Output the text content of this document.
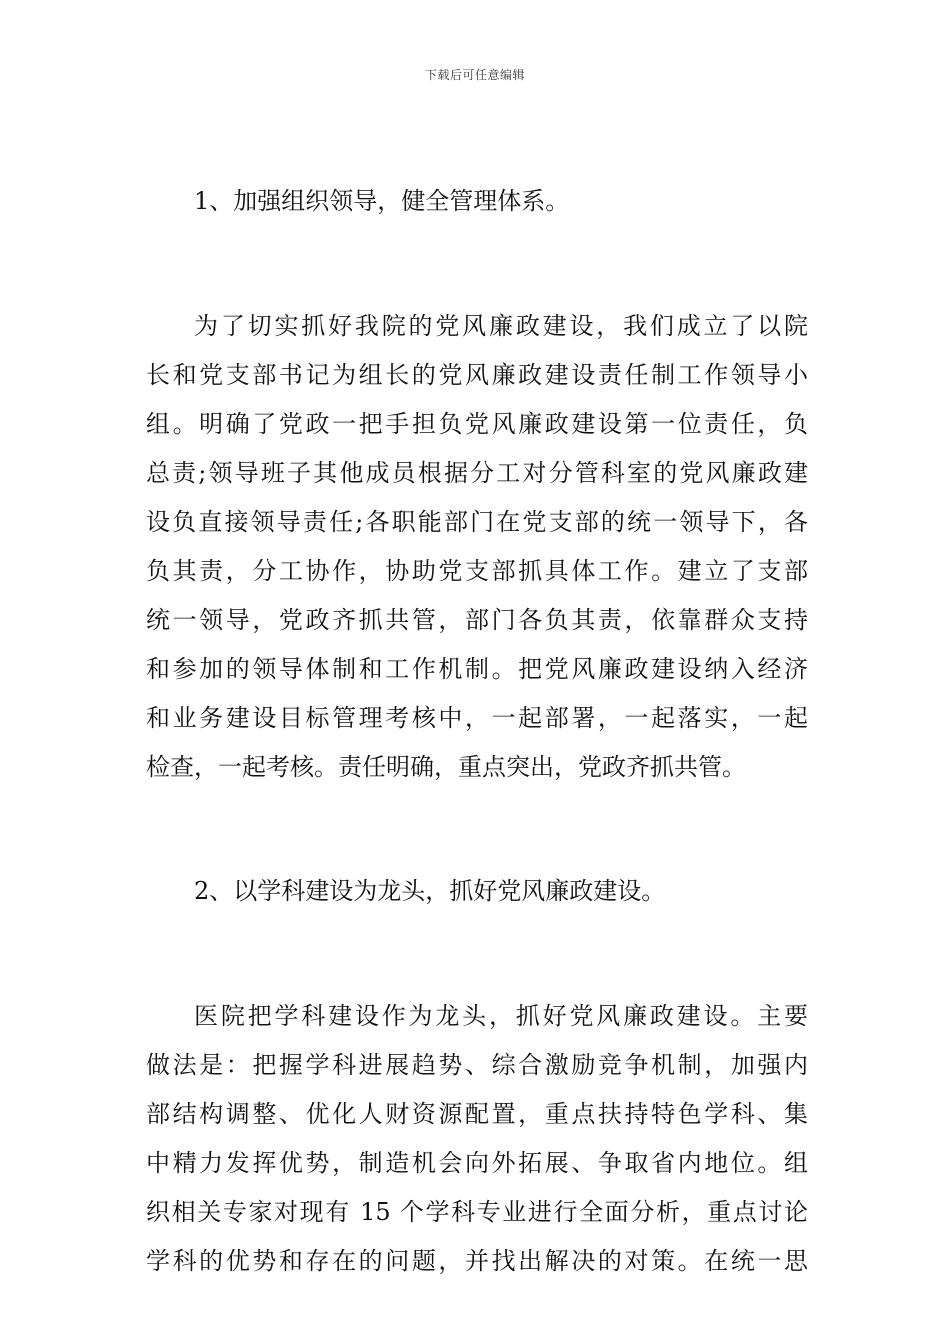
下载后可任意编辑

1、加强组织领导，健全管理体系。

为了切实抓好我院的党风廉政建设，我们成立了以院
长和党支部书记为组长的党风廉政建设责任制工作领导小
组。明确了党政一把手担负党风廉政建设第一位责任，负
总责;领导班子其他成员根据分工对分管科室的党风廉政建
设负直接领导责任;各职能部门在党支部的统一领导下，各
负其责，分工协作，协助党支部抓具体工作。建立了支部
统一领导，党政齐抓共管，部门各负其责，依靠群众支持
和参加的领导体制和工作机制。把党风廉政建设纳入经济
和业务建设目标管理考核中，一起部署，一起落实，一起
检查，一起考核。责任明确，重点突出，党政齐抓共管。

2、以学科建设为龙头，抓好党风廉政建设。

医院把学科建设作为龙头，抓好党风廉政建设。主要
做法是：把握学科进展趋势、综合激励竞争机制，加强内
部结构调整、优化人财资源配置，重点扶持特色学科、集
中精力发挥优势，制造机会向外拓展、争取省内地位。组
织相关专家对现有 15 个学科专业进行全面分析，重点讨论
学科的优势和存在的问题，并找出解决的对策。在统一思
